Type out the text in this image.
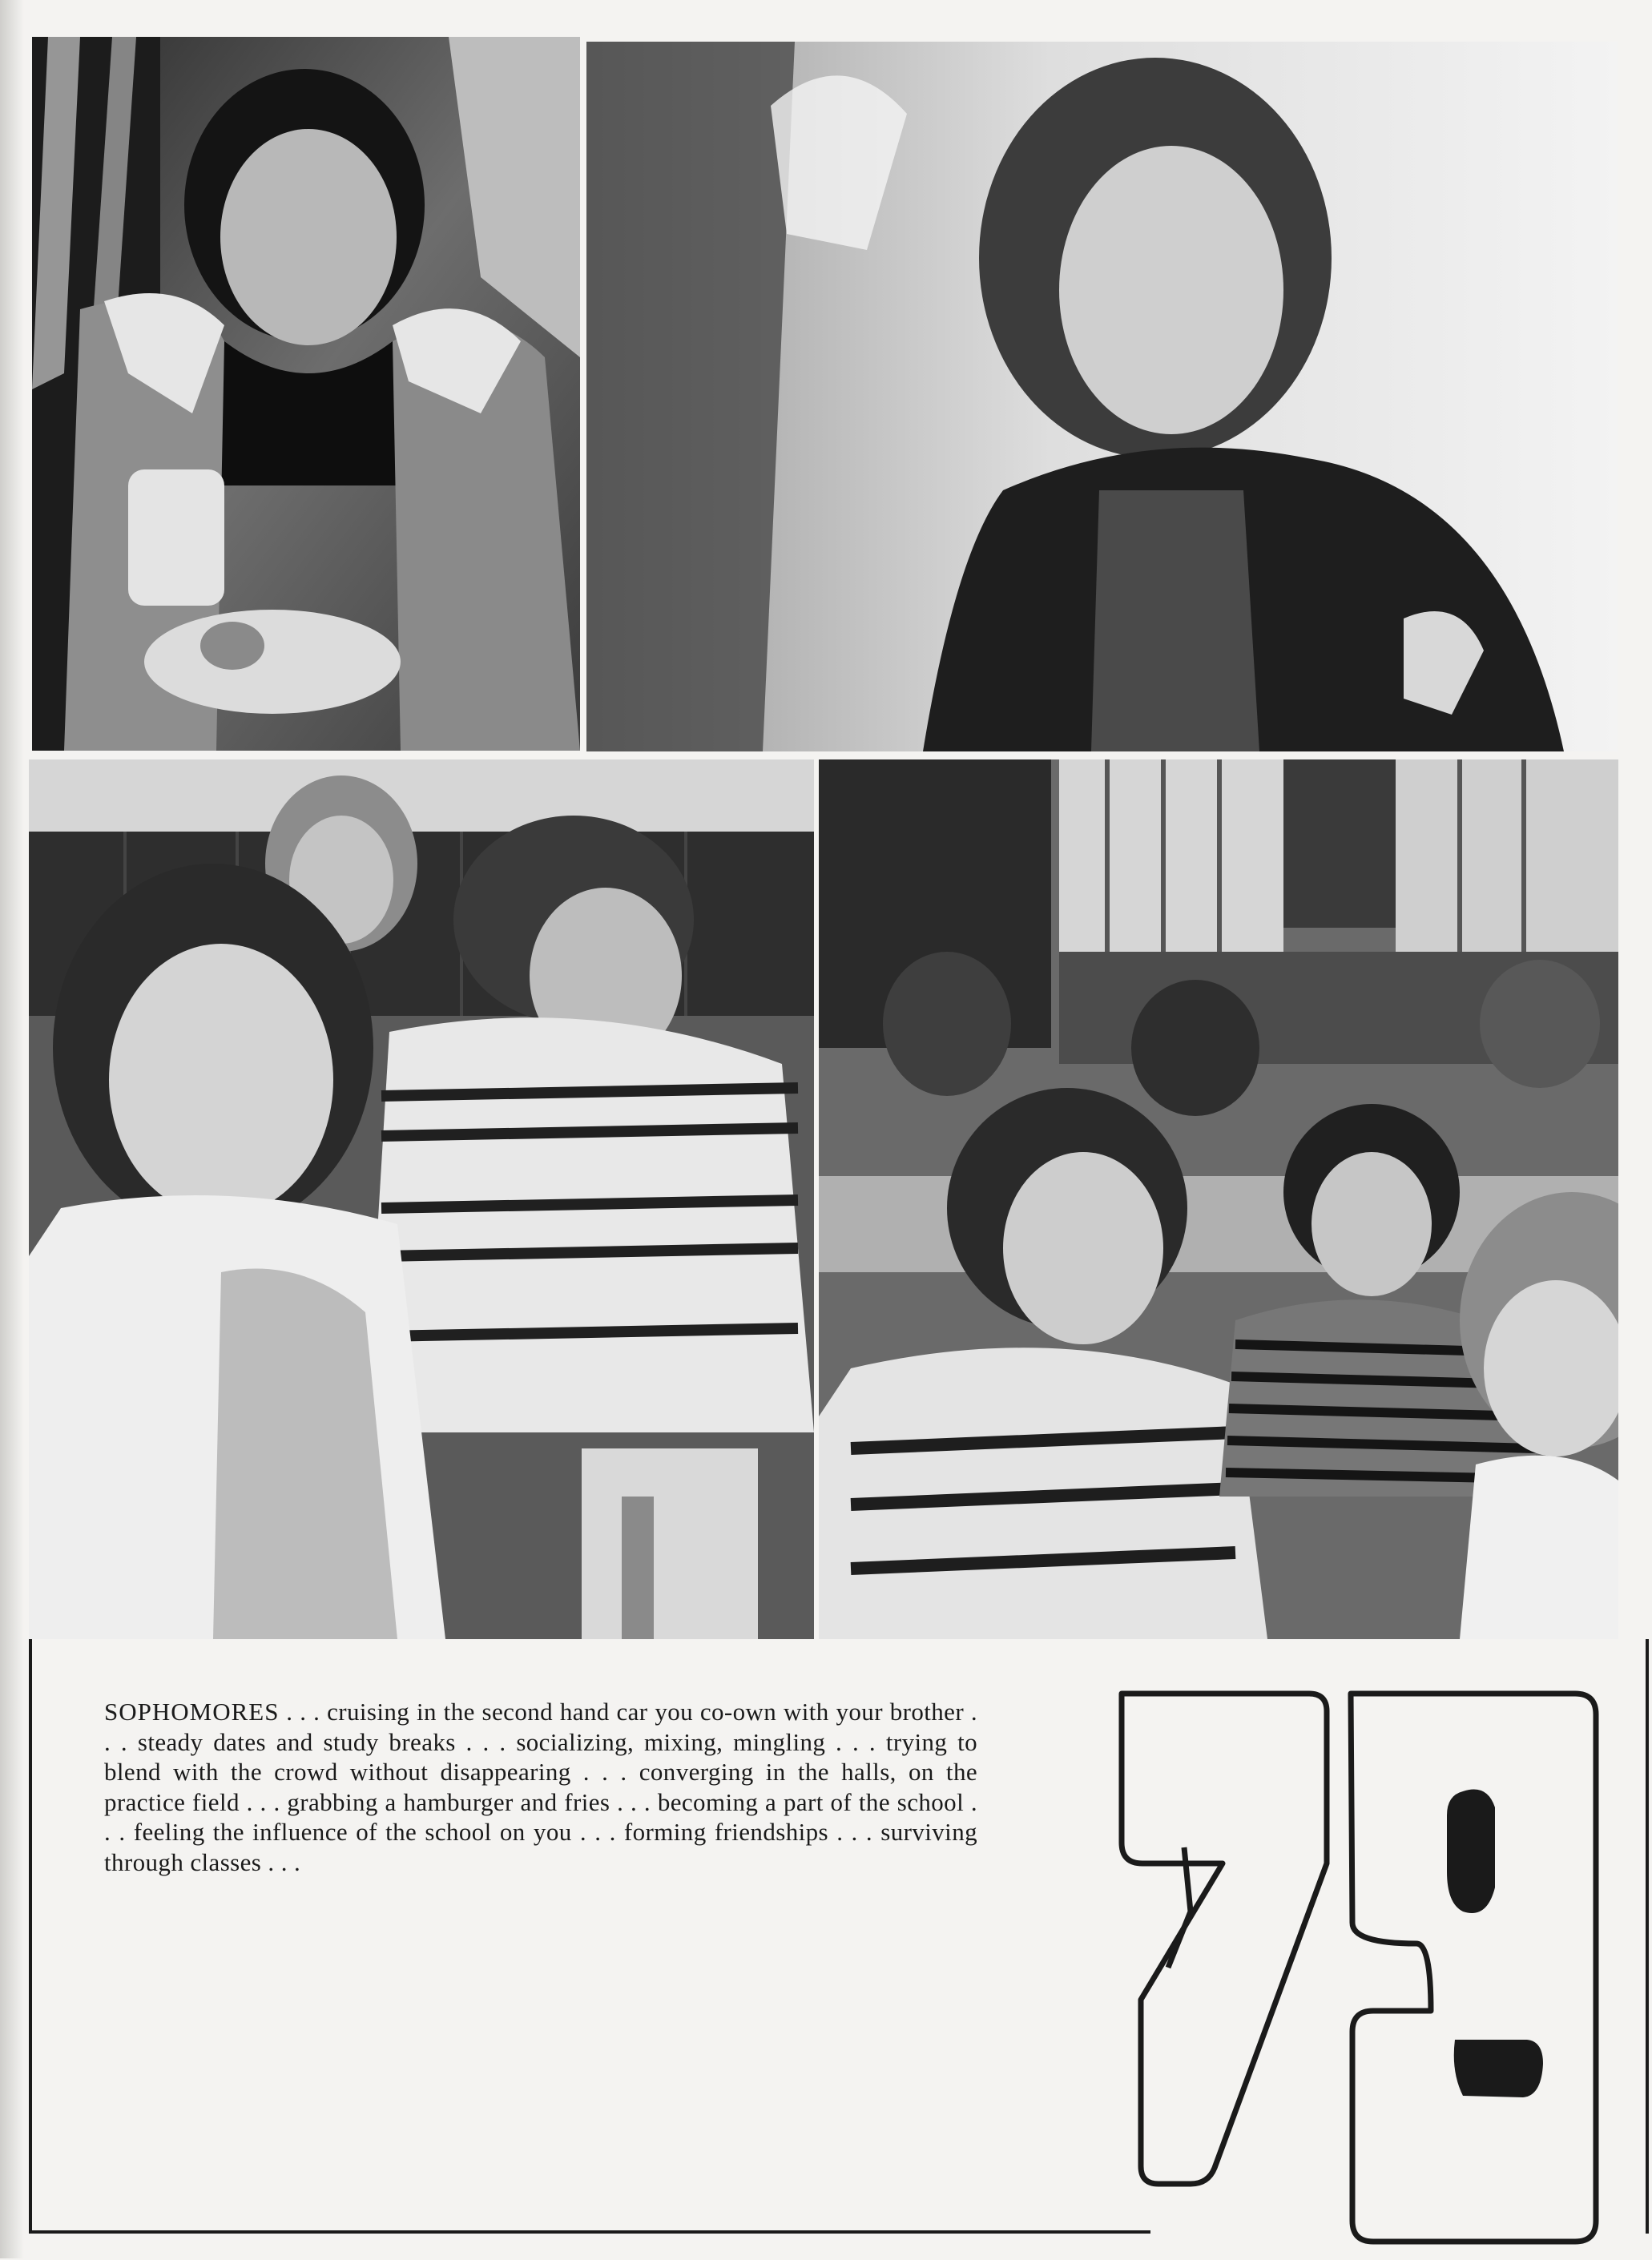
SOPHOMORES . . . cruising in the second hand car you co-own with your brother . . . steady dates and study breaks . . . socializing, mixing, mingling . . . trying to blend with the crowd without disappearing . . . converging in the halls, on the practice field . . . grabbing a hamburger and fries . . . becoming a part of the school . . . feeling the influence of the school on you . . . forming friendships . . . surviving through classes . . .
